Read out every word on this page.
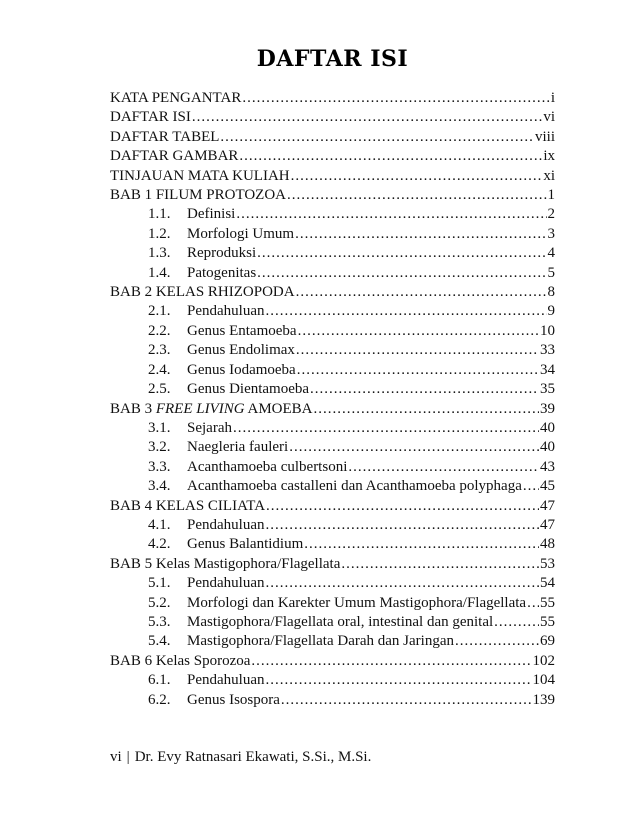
DAFTAR ISI
KATA PENGANTAR .....	i
DAFTAR ISI .....	vi
DAFTAR TABEL .....	viii
DAFTAR GAMBAR .....	ix
TINJAUAN MATA KULIAH .....	xi
BAB 1 FILUM PROTOZOA .....	1
1.1.	Definisi .....	2
1.2.	Morfologi Umum .....	3
1.3.	Reproduksi .....	4
1.4.	Patogenitas .....	5
BAB 2 KELAS RHIZOPODA .....	8
2.1.	Pendahuluan .....	9
2.2.	Genus Entamoeba .....	10
2.3.	Genus Endolimax .....	33
2.4.	Genus Iodamoeba .....	34
2.5.	Genus Dientamoeba .....	35
BAB 3 FREE LIVING AMOEBA .....	39
3.1.	Sejarah .....	40
3.2.	Naegleria fauleri .....	40
3.3.	Acanthamoeba culbertsoni .....	43
3.4.	Acanthamoeba castalleni dan Acanthamoeba polyphaga ..... 45
BAB 4 KELAS CILIATA .....	47
4.1.	Pendahuluan .....	47
4.2.	Genus Balantidium .....	48
BAB 5 Kelas Mastigophora/Flagellata .....	53
5.1.	Pendahuluan .....	54
5.2.	Morfologi dan Karekter Umum Mastigophora/Flagellata ..... 55
5.3.	Mastigophora/Flagellata oral, intestinal dan genital .....	55
5.4.	Mastigophora/Flagellata Darah dan Jaringan .....	69
BAB 6 Kelas Sporozoa .....	102
6.1.	Pendahuluan .....	104
6.2.	Genus Isospora .....	139
vi | Dr. Evy Ratnasari Ekawati, S.Si., M.Si.
